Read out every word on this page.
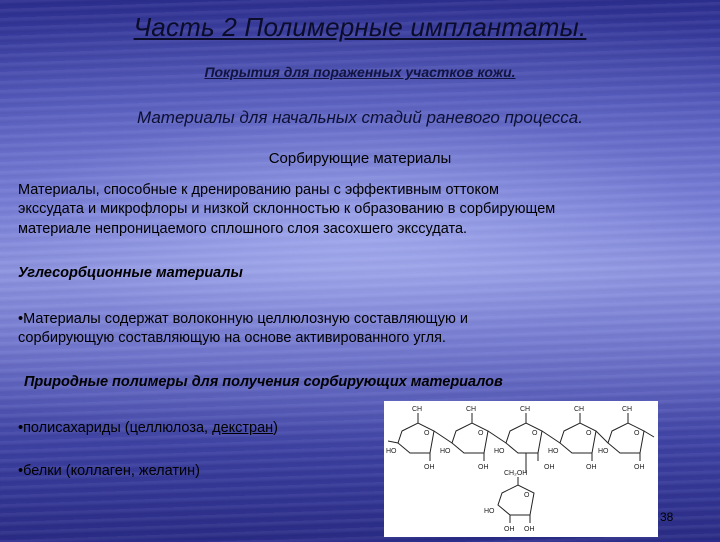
Часть 2 Полимерные имплантаты.
Покрытия для пораженных участков кожи.
Материалы для начальных стадий раневого процесса.
Сорбирующие материалы
Материалы, способные к дренированию раны с эффективным оттоком
экссудата и микрофлоры и низкой склонностью к образованию в сорбирующем
материале непроницаемого сплошного слоя засохшего экссудата.
Углесорбционные материалы
•Материалы содержат волоконную целлюлозную составляющую и
сорбирующую составляющую на основе активированного угля.
Природные полимеры для получения сорбирующих материалов
•полисахариды (целлюлоза, декстран)
•белки (коллаген, желатин)
CH	CH	CH	CH	CH
O	O	O	O	O
HO	HO	HO	HO	HO
OH	OH	OH	OH	OH
CH₂OH
O
HO
OH
OH
38
